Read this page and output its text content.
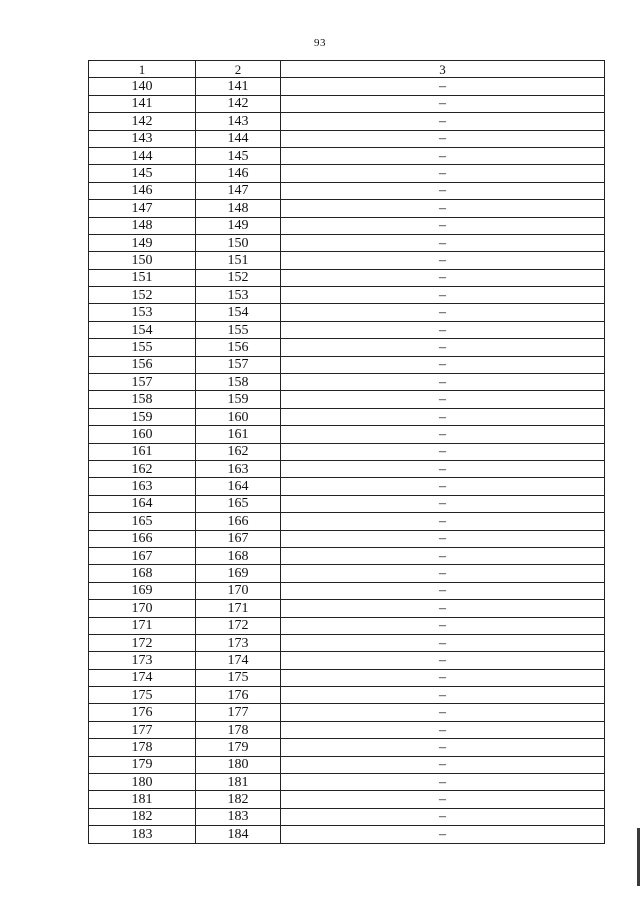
93
1	2	3
140	141	–
141	142	–
142	143	–
143	144	–
144	145	–
145	146	–
146	147	–
147	148	–
148	149	–
149	150	–
150	151	–
151	152	–
152	153	–
153	154	–
154	155	–
155	156	–
156	157	–
157	158	–
158	159	–
159	160	–
160	161	–
161	162	–
162	163	–
163	164	–
164	165	–
165	166	–
166	167	–
167	168	–
168	169	–
169	170	–
170	171	–
171	172	–
172	173	–
173	174	–
174	175	–
175	176	–
176	177	–
177	178	–
178	179	–
179	180	–
180	181	–
181	182	–
182	183	–
183	184	–
